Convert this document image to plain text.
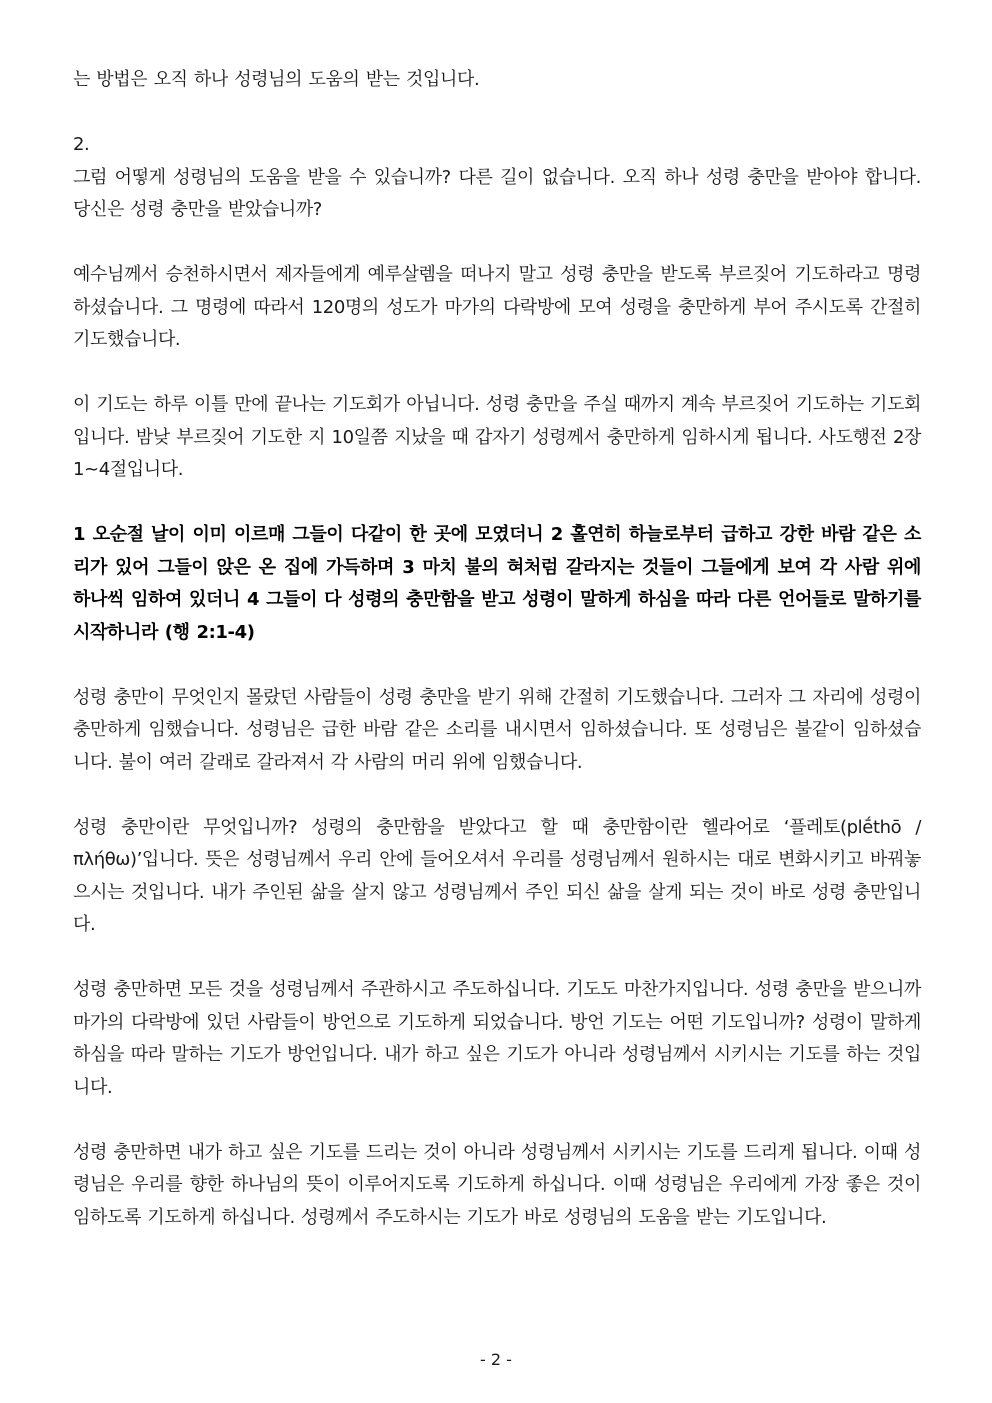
는 방법은 오직 하나 성령님의 도움의 받는 것입니다.

2.

그럼 어떻게 성령님의 도움을 받을 수 있습니까? 다른 길이 없습니다. 오직 하나 성령 충만을 받아야 합니다. 당신은 성령 충만을 받았습니까?

예수님께서 승천하시면서 제자들에게 예루살렘을 떠나지 말고 성령 충만을 받도록 부르짖어 기도하라고 명령하셨습니다. 그 명령에 따라서 120명의 성도가 마가의 다락방에 모여 성령을 충만하게 부어 주시도록 간절히 기도했습니다.

이 기도는 하루 이틀 만에 끝나는 기도회가 아닙니다. 성령 충만을 주실 때까지 계속 부르짖어 기도하는 기도회입니다. 밤낮 부르짖어 기도한 지 10일쯤 지났을 때 갑자기 성령께서 충만하게 임하시게 됩니다. 사도행전 2장 1~4절입니다.

1 오순절 날이 이미 이르매 그들이 다같이 한 곳에 모였더니 2 홀연히 하늘로부터 급하고 강한 바람 같은 소리가 있어 그들이 앉은 온 집에 가득하며 3 마치 불의 혀처럼 갈라지는 것들이 그들에게 보여 각 사람 위에 하나씩 임하여 있더니 4 그들이 다 성령의 충만함을 받고 성령이 말하게 하심을 따라 다른 언어들로 말하기를 시작하니라 (행 2:1-4)

성령 충만이 무엇인지 몰랐던 사람들이 성령 충만을 받기 위해 간절히 기도했습니다. 그러자 그 자리에 성령이 충만하게 임했습니다. 성령님은 급한 바람 같은 소리를 내시면서 임하셨습니다. 또 성령님은 불같이 임하셨습니다. 불이 여러 갈래로 갈라져서 각 사람의 머리 위에 임했습니다.

성령 충만이란 무엇입니까? 성령의 충만함을 받았다고 할 때 충만함이란 헬라어로 ‘플레토(plḗthō / πλήθω)’입니다. 뜻은 성령님께서 우리 안에 들어오셔서 우리를 성령님께서 원하시는 대로 변화시키고 바꿔놓으시는 것입니다. 내가 주인된 삶을 살지 않고 성령님께서 주인 되신 삶을 살게 되는 것이 바로 성령 충만입니다.

성령 충만하면 모든 것을 성령님께서 주관하시고 주도하십니다. 기도도 마찬가지입니다. 성령 충만을 받으니까 마가의 다락방에 있던 사람들이 방언으로 기도하게 되었습니다. 방언 기도는 어떤 기도입니까? 성령이 말하게 하심을 따라 말하는 기도가 방언입니다. 내가 하고 싶은 기도가 아니라 성령님께서 시키시는 기도를 하는 것입니다.

성령 충만하면 내가 하고 싶은 기도를 드리는 것이 아니라 성령님께서 시키시는 기도를 드리게 됩니다. 이때 성령님은 우리를 향한 하나님의 뜻이 이루어지도록 기도하게 하십니다. 이때 성령님은 우리에게 가장 좋은 것이 임하도록 기도하게 하십니다. 성령께서 주도하시는 기도가 바로 성령님의 도움을 받는 기도입니다.

- 2 -
